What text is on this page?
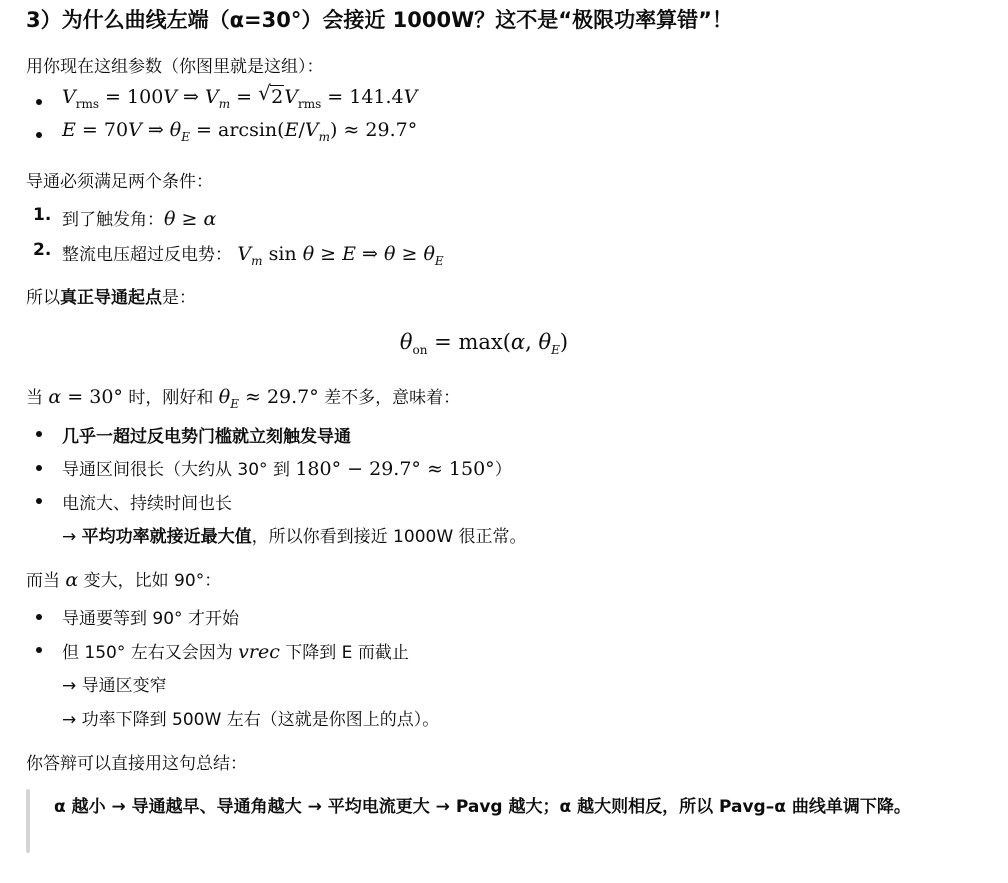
3）为什么曲线左端（α=30°）会接近 1000W？这不是“极限功率算错”！
用你现在这组参数（你图里就是这组）：
$V_{rms} = 100V$ ⇒ $V_m$ = √ $2V_{rms} = 141.4V$
E = 70V ⇒ $\theta_E = \arcsin(E/V_m) \approx 29.7^\circ$
导通必须满足两个条件：
1. 到了触发角：θ ≥ α
2. 整流电压超过反电势： $V_m$ sin θ ≥ E ⇒ $\theta \ge \theta_E$
所以真正导通起点是：
$\theta_{on} = \max(\alpha$, $\theta_E$)
当 α = 30° 时，刚好和 $\theta_E \approx 29.7^\circ$ 差不多，意味着：
几乎一超过反电势门槛就立刻触发导通
导通区间很长（大约从 30° 到 180° − 29.7° ≈ 150°）
电流大、持续时间也长
→ 平均功率就接近最大值，所以你看到接近 1000W 很正常。
而当 α 变大，比如 90°：
导通要等到 90° 才开始
但 150° 左右又会因为 vrec 下降到 E 而截止
→ 导通区变窄
→ 功率下降到 500W 左右（这就是你图上的点）。
你答辩可以直接用这句总结：
α 越小 → 导通越早、导通角越大 → 平均电流更大 → Pavg 越大；α 越大则相反，所以 Pavg–α 曲线单调下降。
